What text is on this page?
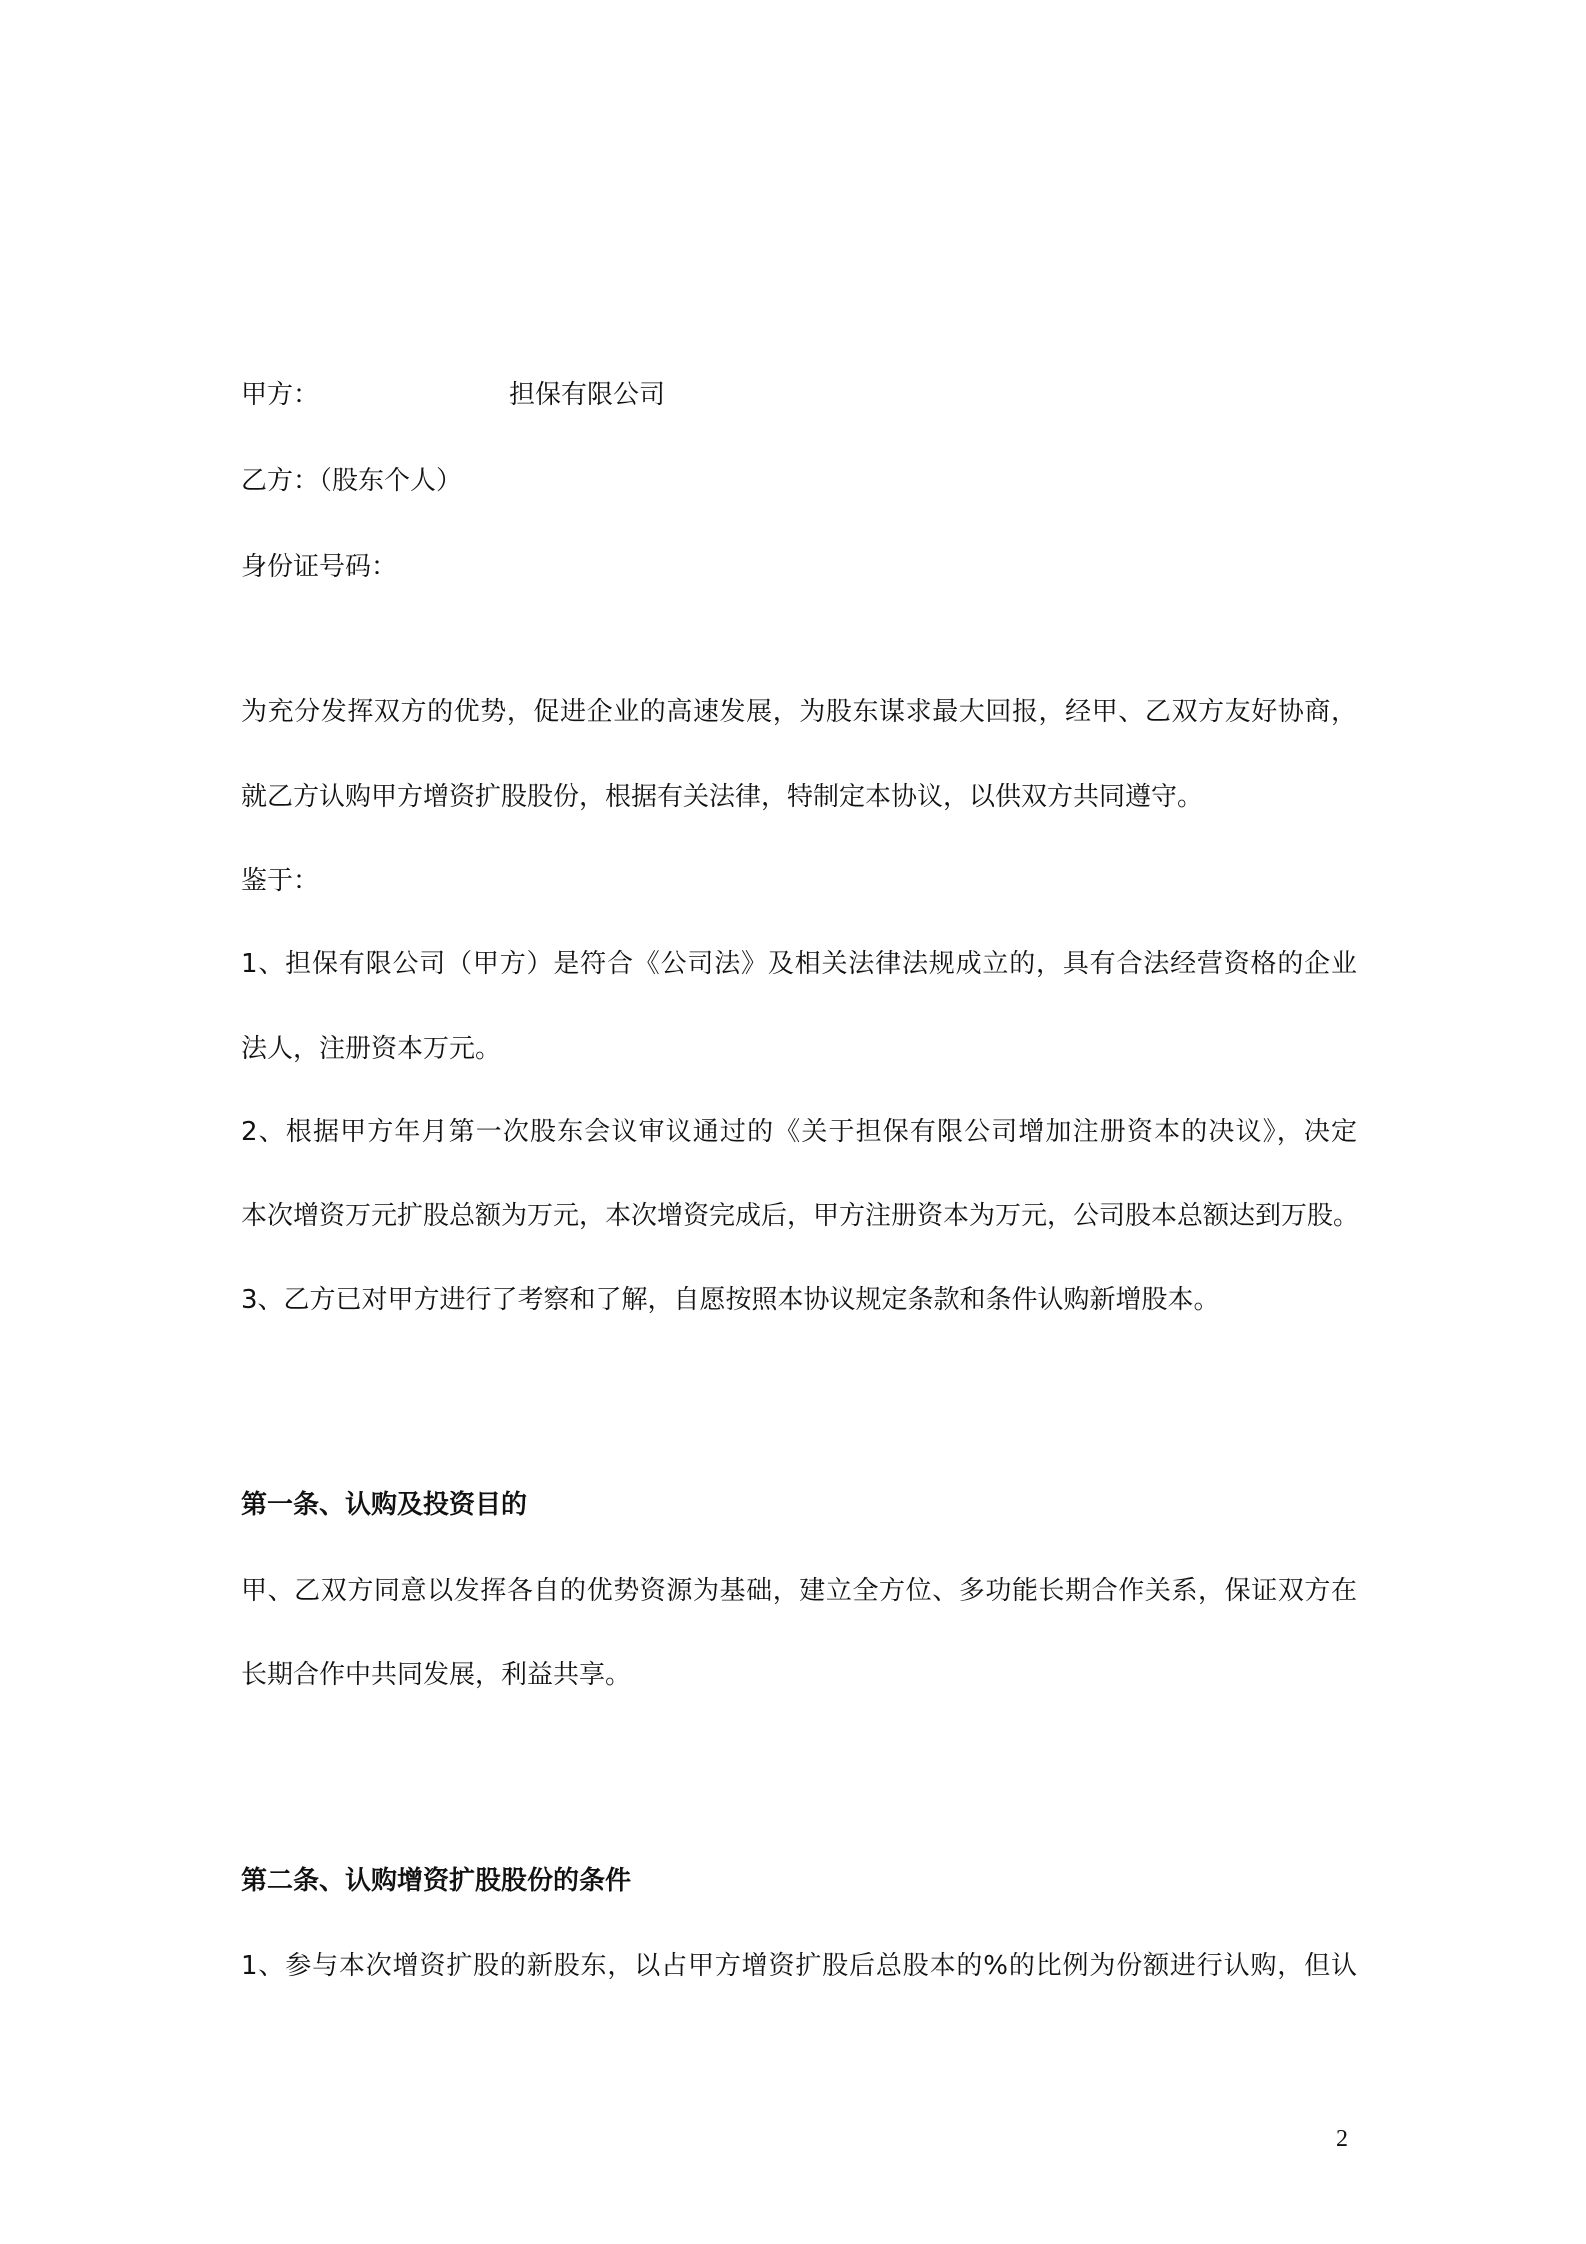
甲方：	担保有限公司

乙方：（股东个人）

身份证号码：

为充分发挥双方的优势，促进企业的高速发展，为股东谋求最大回报，经甲、乙双方友好协商，

就乙方认购甲方增资扩股股份，根据有关法律，特制定本协议，以供双方共同遵守。

鉴于：

1、担保有限公司（甲方）是符合《公司法》及相关法律法规成立的，具有合法经营资格的企业

法人，注册资本万元。

2、根据甲方年月第一次股东会议审议通过的《关于担保有限公司增加注册资本的决议》，决定

本次增资万元扩股总额为万元，本次增资完成后，甲方注册资本为万元，公司股本总额达到万股。

3、乙方已对甲方进行了考察和了解，自愿按照本协议规定条款和条件认购新增股本。

第一条、认购及投资目的

甲、乙双方同意以发挥各自的优势资源为基础，建立全方位、多功能长期合作关系，保证双方在

长期合作中共同发展，利益共享。

第二条、认购增资扩股股份的条件

1、参与本次增资扩股的新股东，以占甲方增资扩股后总股本的%的比例为份额进行认购，但认

2
